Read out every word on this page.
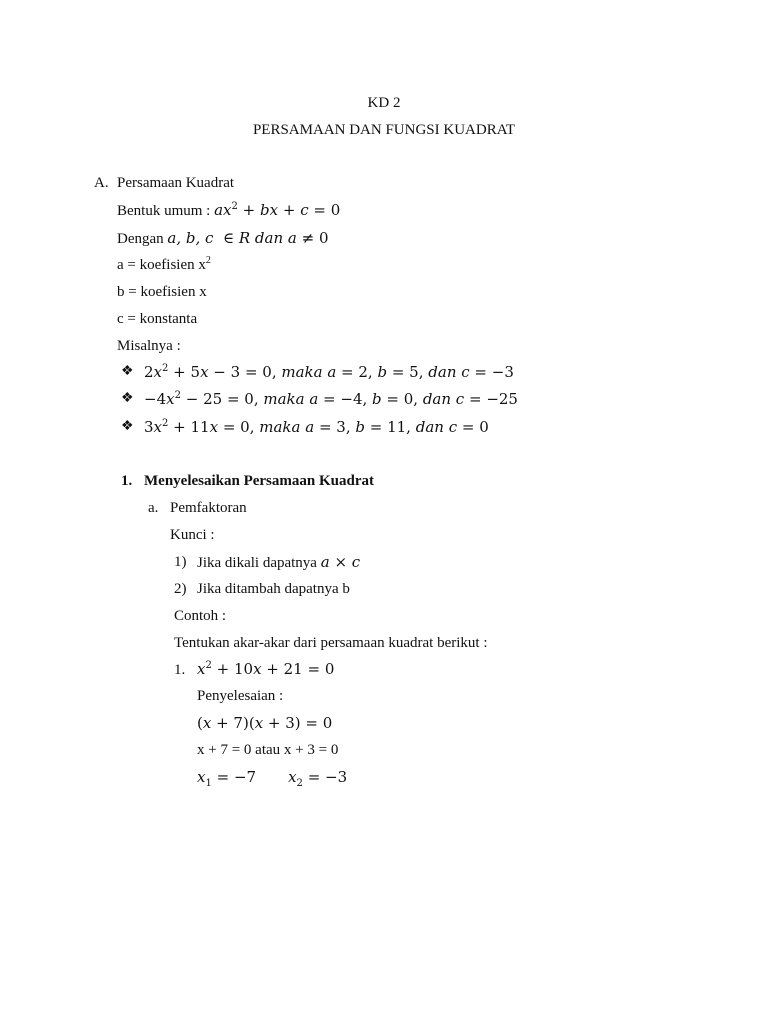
KD 2
PERSAMAAN DAN FUNGSI KUADRAT
A. Persamaan Kuadrat
Bentuk umum : $ax^2$ + bx + c = 0
Dengan a, b, c  ∈ R dan a ≠ 0
a = koefisien $x^2$
b = koefisien x
c = konstanta
Misalnya :
❖ $2x^2 + 5x - 3 = 0$, maka a = 2, b = 5, dan c = −3
❖ $-4x^2 - 25 = 0$, maka a = −4, b = 0, dan c = −25
❖ $3x^2 + 11x = 0$, maka a = 3, b = 11, dan c = 0
1. Menyelesaikan Persamaan Kuadrat
a. Pemfaktoran
Kunci :
1) Jika dikali dapatnya a × c
2) Jika ditambah dapatnya b
Contoh :
Tentukan akar-akar dari persamaan kuadrat berikut :
1. $x^2 + 10x + 21 = 0$
Penyelesaian :
(x + 7)(x + 3) = 0
x + 7 = 0 atau x + 3 = 0
$x_1 = -7$ $x_2 = -3$
